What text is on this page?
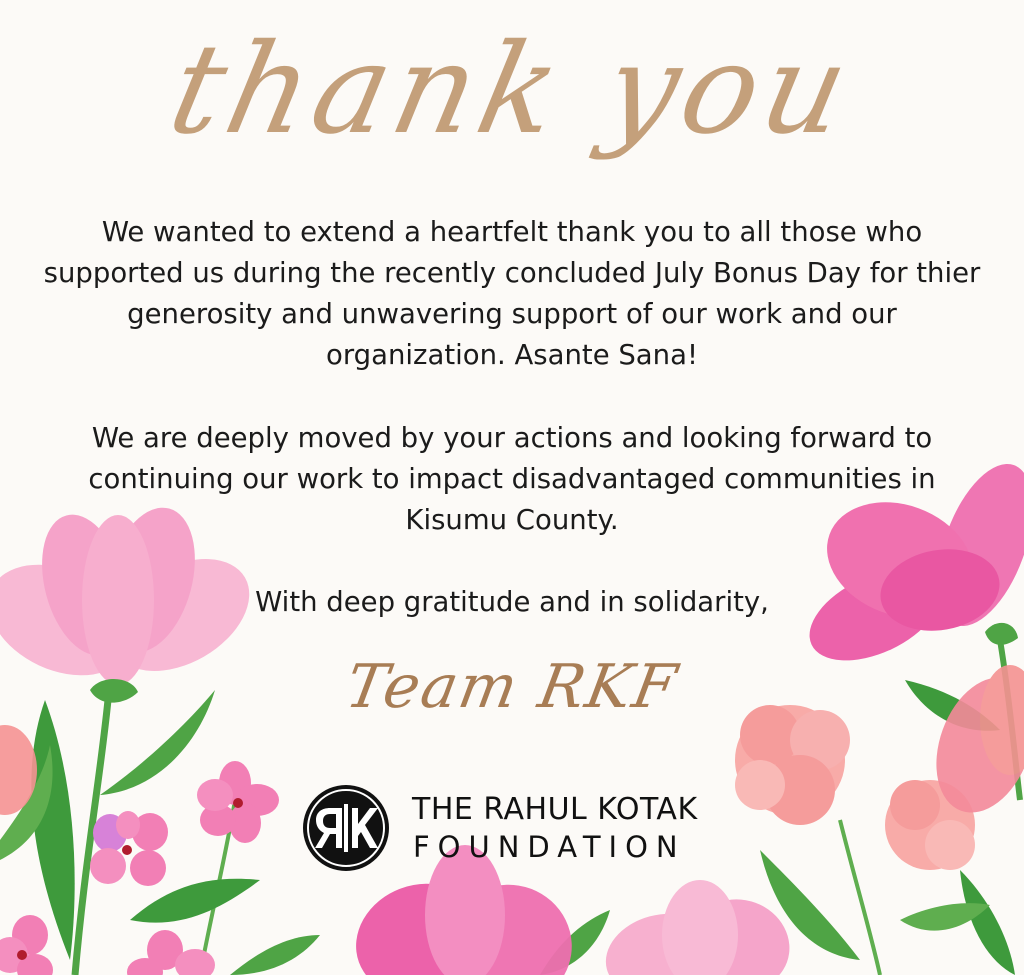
thank you

We wanted to extend a heartfelt thank you to all those who supported us during the recently concluded July Bonus Day for thier generosity and unwavering support of our work and our organization. Asante Sana!

We are deeply moved by your actions and looking forward to continuing our work to impact disadvantaged communities in Kisumu County.

With deep gratitude and in solidarity,

Team RKF
THE RAHUL KOTAK
FOUNDATION
